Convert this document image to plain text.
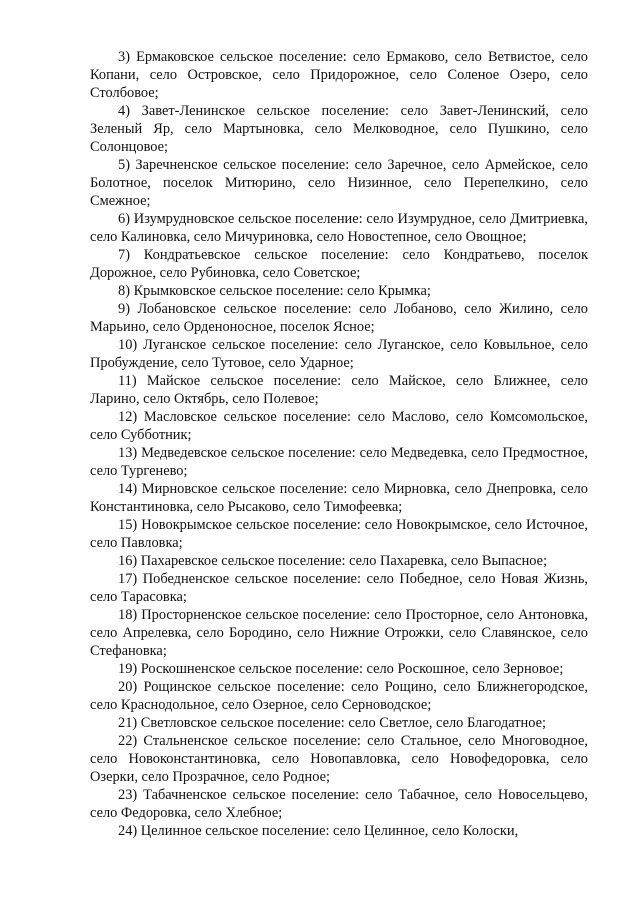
3) Ермаковское сельское поселение: село Ермаково, село Ветвистое, село Копани, село Островское, село Придорожное, село Соленое Озеро, село Столбовое;

4) Завет-Ленинское сельское поселение: село Завет-Ленинский, село Зеленый Яр, село Мартыновка, село Мелководное, село Пушкино, село Солонцовое;

5) Заречненское сельское поселение: село Заречное, село Армейское, село Болотное, поселок Митюрино, село Низинное, село Перепелкино, село Смежное;

6) Изумрудновское сельское поселение: село Изумрудное, село Дмитриевка, село Калиновка, село Мичуриновка, село Новостепное, село Овощное;

7) Кондратьевское сельское поселение: село Кондратьево, поселок Дорожное, село Рубиновка, село Советское;

8) Крымковское сельское поселение: село Крымка;

9) Лобановское сельское поселение: село Лобаново, село Жилино, село Марьино, село Орденоносное, поселок Ясное;

10) Луганское сельское поселение: село Луганское, село Ковыльное, село Пробуждение, село Тутовое, село Ударное;

11) Майское сельское поселение: село Майское, село Ближнее, село Ларино, село Октябрь, село Полевое;

12) Масловское сельское поселение: село Маслово, село Комсомольское, село Субботник;

13) Медведевское сельское поселение: село Медведевка, село Предмостное, село Тургенево;

14) Мирновское сельское поселение: село Мирновка, село Днепровка, село Константиновка, село Рысаково, село Тимофеевка;

15) Новокрымское сельское поселение: село Новокрымское, село Источное, село Павловка;

16) Пахаревское сельское поселение: село Пахаревка, село Выпасное;

17) Победненское сельское поселение: село Победное, село Новая Жизнь, село Тарасовка;

18) Просторненское сельское поселение: село Просторное, село Антоновка, село Апрелевка, село Бородино, село Нижние Отрожки, село Славянское, село Стефановка;

19) Роскошненское сельское поселение: село Роскошное, село Зерновое;

20) Рощинское сельское поселение: село Рощино, село Ближнегородское, село Краснодольное, село Озерное, село Серноводское;

21) Светловское сельское поселение: село Светлое, село Благодатное;

22) Стальненское сельское поселение: село Стальное, село Многоводное, село Новоконстантиновка, село Новопавловка, село Новофедоровка, село Озерки, село Прозрачное, село Родное;

23) Табачненское сельское поселение: село Табачное, село Новосельцево, село Федоровка, село Хлебное;

24) Целинное сельское поселение: село Целинное, село Колоски,
